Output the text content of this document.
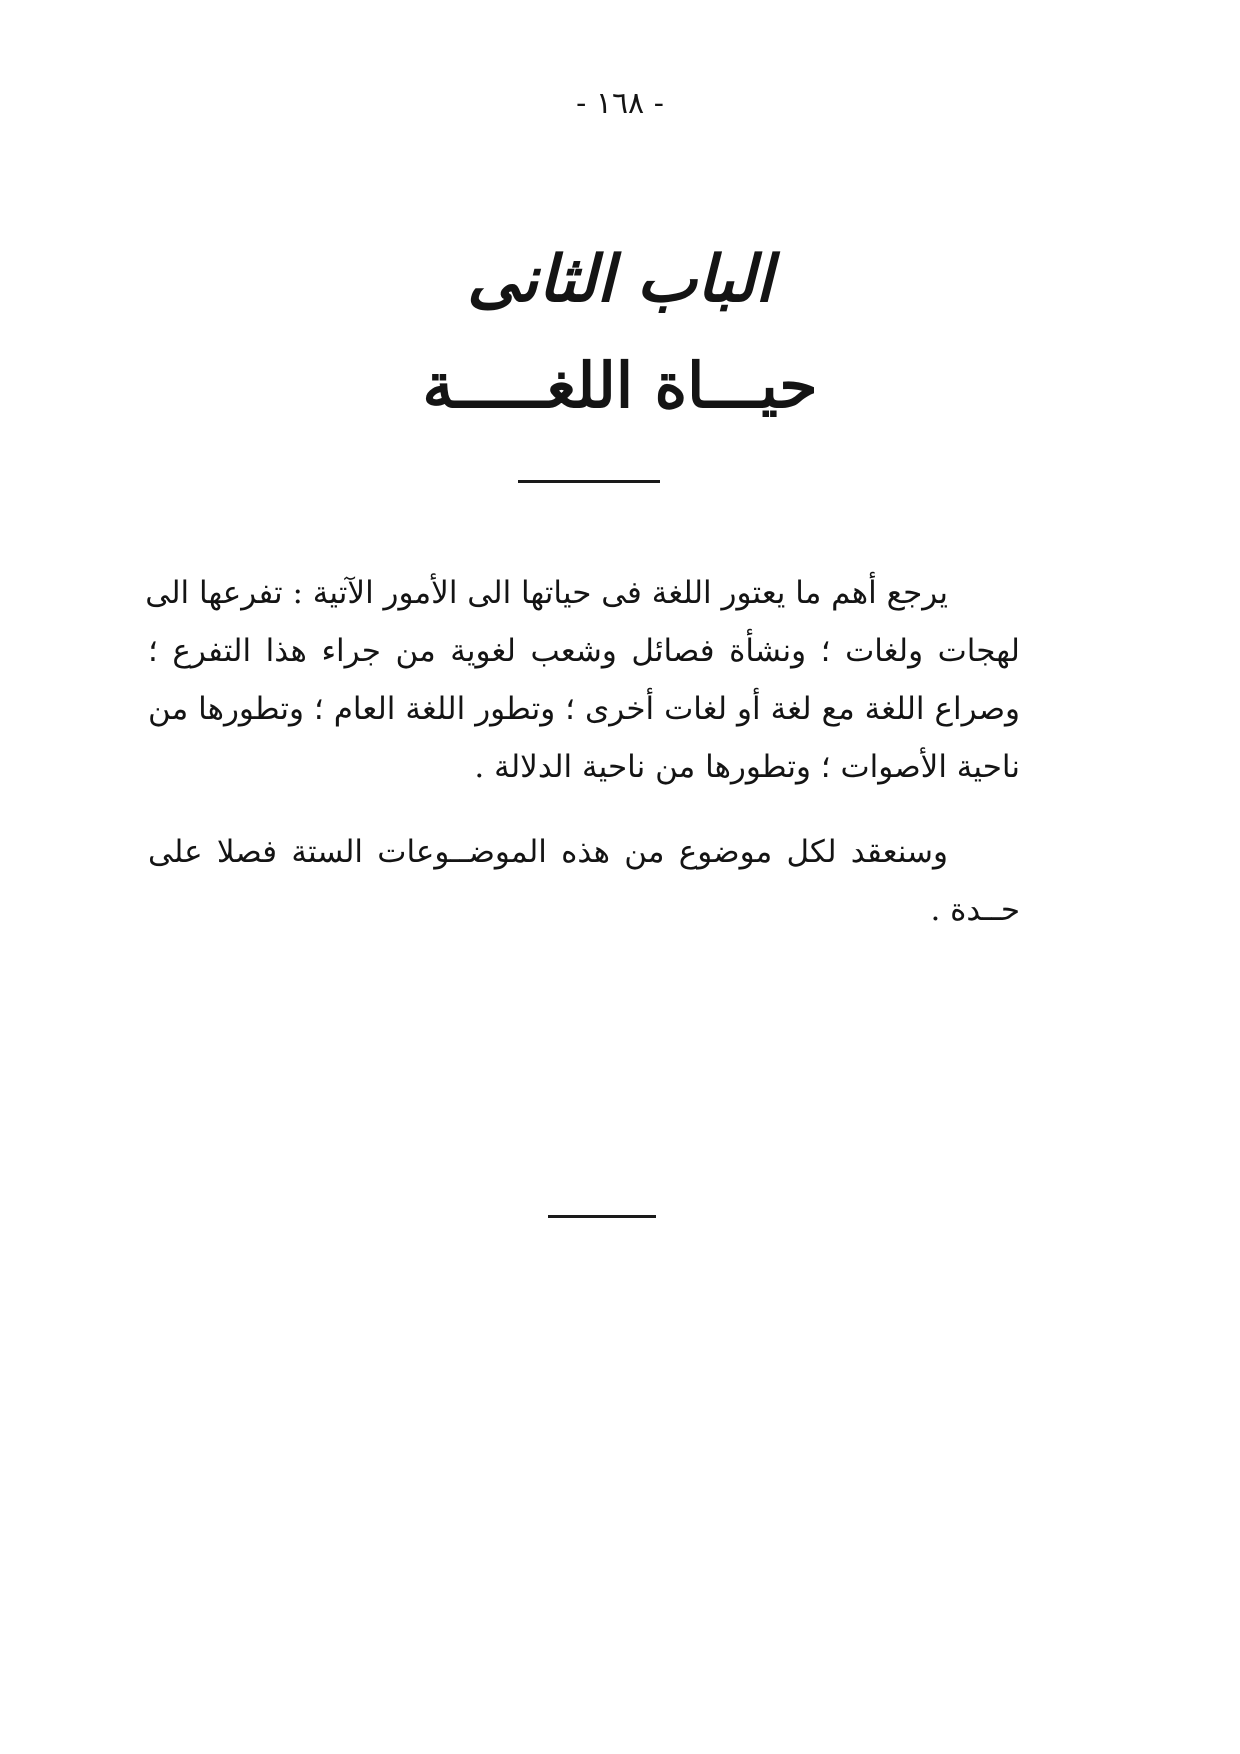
- ١٦٨ -
الباب الثانى
حيـــاة اللغـــــة
يرجع أهم ما يعتور اللغة فى حياتها الى الأمور الآتية : تفرعها الى
لهجات ولغات ؛ ونشأة فصائل وشعب لغوية من جراء هذا التفرع ؛
وصراع اللغة مع لغة أو لغات أخرى ؛ وتطور اللغة العام ؛ وتطورها من
ناحية الأصوات ؛ وتطورها من ناحية الدلالة .
وسنعقد لكل موضوع من هذه الموضــوعات الستة فصلا على
حــدة .
